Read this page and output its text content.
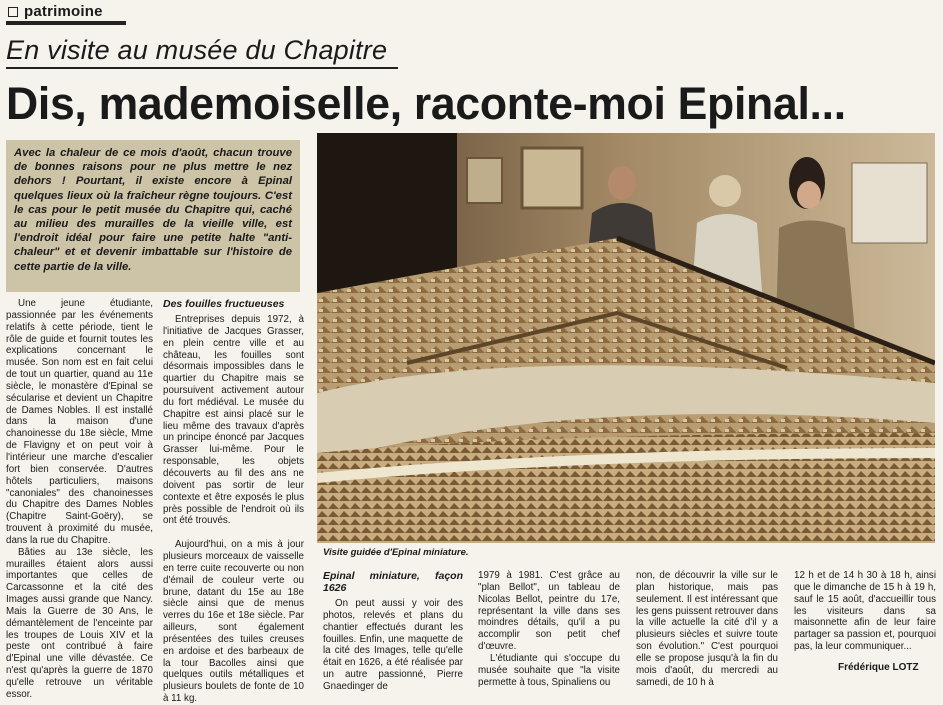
patrimoine
En visite au musée du Chapitre
Dis, mademoiselle, raconte-moi Epinal...
Avec la chaleur de ce mois d'août, chacun trouve de bonnes raisons pour ne plus mettre le nez dehors ! Pourtant, il existe encore à Epinal quelques lieux où la fraîcheur règne toujours. C'est le cas pour le petit musée du Chapitre qui, caché au milieu des murailles de la vieille ville, est l'endroit idéal pour faire une petite halte "anti-chaleur" et et devenir imbattable sur l'histoire de cette partie de la ville.
Visite guidée d'Epinal miniature.

Une jeune étudiante, passionnée par les événements relatifs à cette période, tient le rôle de guide et fournit toutes les explications concernant le musée. Son nom est en fait celui de tout un quartier, quand au 11e siècle, le monastère d'Epinal se sécularise et devient un Chapitre de Dames Nobles. Il est installé dans la maison d'une chanoinesse du 18e siècle, Mme de Flavigny et on peut voir à l'intérieur une marche d'escalier fort bien conservée. D'autres hôtels particuliers, maisons "canoniales" des chanoinesses du Chapitre des Dames Nobles (Chapitre Saint-Goëry), se trouvent à proximité du musée, dans la rue du Chapitre.

Bâties au 13e siècle, les murailles étaient alors aussi importantes que celles de Carcassonne et la cité des Images aussi grande que Nancy. Mais la Guerre de 30 Ans, le démantèlement de l'enceinte par les troupes de Louis XIV et la peste ont contribué à faire d'Epinal une ville dévastée. Ce n'est qu'après la guerre de 1870 qu'elle retrouve un véritable essor.

Des fouilles fructueuses

Entreprises depuis 1972, à l'initiative de Jacques Grasser, en plein centre ville et au château, les fouilles sont désormais impossibles dans le quartier du Chapitre mais se poursuivent activement autour du fort médiéval. Le musée du Chapitre est ainsi placé sur le lieu même des travaux d'après un principe énoncé par Jacques Grasser lui-même. Pour le responsable, les objets découverts au fil des ans ne doivent pas sortir de leur contexte et être exposés le plus près possible de l'endroit où ils ont été trouvés.

Aujourd'hui, on a mis à jour plusieurs morceaux de vaisselle en terre cuite recouverte ou non d'émail de couleur verte ou brune, datant du 15e au 18e siècle ainsi que de menus verres du 16e et 18e siècle. Par ailleurs, sont également présentées des tuiles creuses en ardoise et des barbeaux de la tour Bacolles ainsi que quelques outils métalliques et plusieurs boulets de fonte de 10 à 11 kg.

Epinal miniature, façon 1626

On peut aussi y voir des photos, relevés et plans du chantier effectués durant les fouilles. Enfin, une maquette de la cité des Images, telle qu'elle était en 1626, a été réalisée par un autre passionné, Pierre Gnaedinger de

1979 à 1981. C'est grâce au "plan Bellot", un tableau de Nicolas Bellot, peintre du 17e, représentant la ville dans ses moindres détails, qu'il a pu accomplir son petit chef d'œuvre.

L'étudiante qui s'occupe du musée souhaite que "la visite permette à tous, Spinaliens ou

non, de découvrir la ville sur le plan historique, mais pas seulement. Il est intéressant que les gens puissent retrouver dans la ville actuelle la cité d'il y a plusieurs siècles et suivre toute son évolution." C'est pourquoi elle se propose jusqu'à la fin du mois d'août, du mercredi au samedi, de 10 h à

12 h et de 14 h 30 à 18 h, ainsi que le dimanche de 15 h à 19 h, sauf le 15 août, d'accueillir tous les visiteurs dans sa maisonnette afin de leur faire partager sa passion et, pourquoi pas, la leur communiquer...

Frédérique LOTZ
